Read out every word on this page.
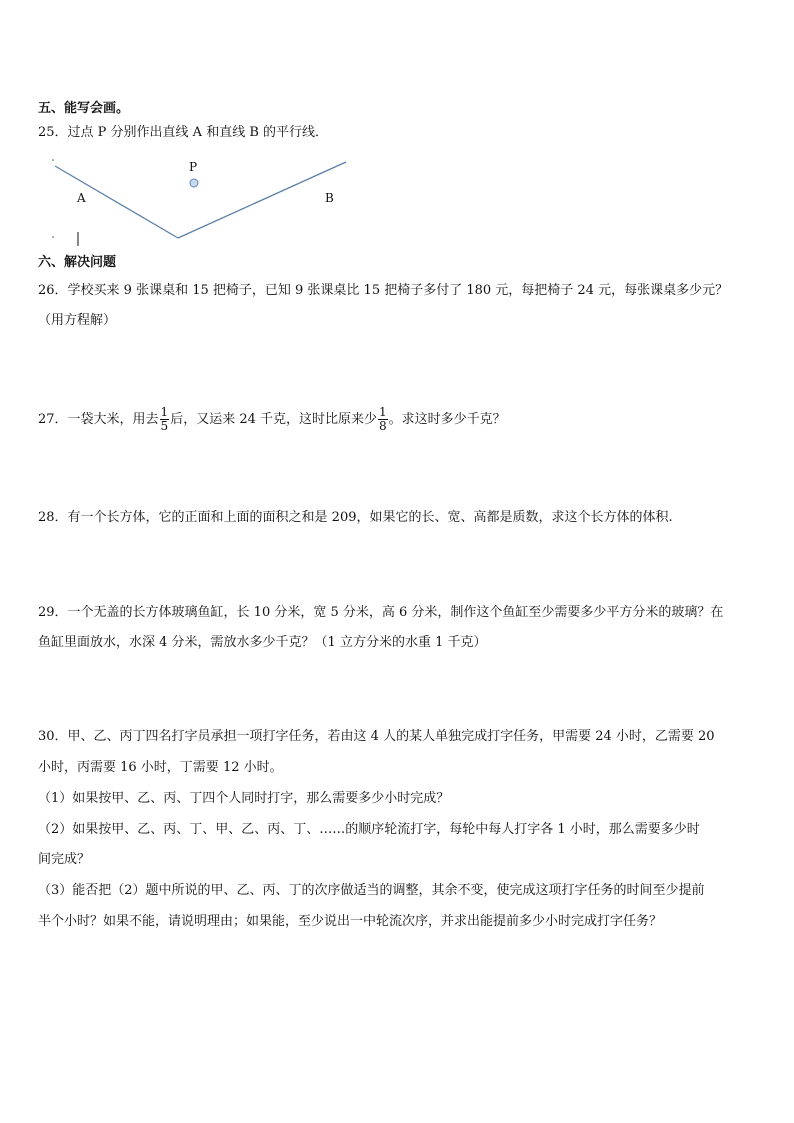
五、能写会画。
25．过点 P 分别作出直线 A 和直线 B 的平行线．
P
A	B
六、解决问题
26．学校买来 9 张课桌和 15 把椅子，已知 9 张课桌比 15 把椅子多付了 180 元，每把椅子 24 元，每张课桌多少元？
（用方程解）
27．一袋大米，用去 $\frac{1}{5}$ 后，又运来 24 千克，这时比原来少 $\frac{1}{8}$ 。求这时多少千克？
28．有一个长方体，它的正面和上面的面积之和是 209，如果它的长、宽、高都是质数，求这个长方体的体积.
29．一个无盖的长方体玻璃鱼缸，长 10 分米，宽 5 分米，高 6 分米，制作这个鱼缸至少需要多少平方分米的玻璃？在
鱼缸里面放水，水深 4 分米，需放水多少千克？（1 立方分米的水重 1 千克）
30．甲、乙、丙丁四名打字员承担一项打字任务，若由这 4 人的某人单独完成打字任务，甲需要 24 小时，乙需要 20
小时，丙需要 16 小时，丁需要 12 小时。
（1）如果按甲、乙、丙、丁四个人同时打字，那么需要多少小时完成？
（2）如果按甲、乙、丙、丁、甲、乙、丙、丁、……的顺序轮流打字，每轮中每人打字各 1 小时，那么需要多少时
间完成？
（3）能否把（2）题中所说的甲、乙、丙、丁的次序做适当的调整，其余不变，使完成这项打字任务的时间至少提前
半个小时？如果不能，请说明理由；如果能，至少说出一中轮流次序，并求出能提前多少小时完成打字任务？
